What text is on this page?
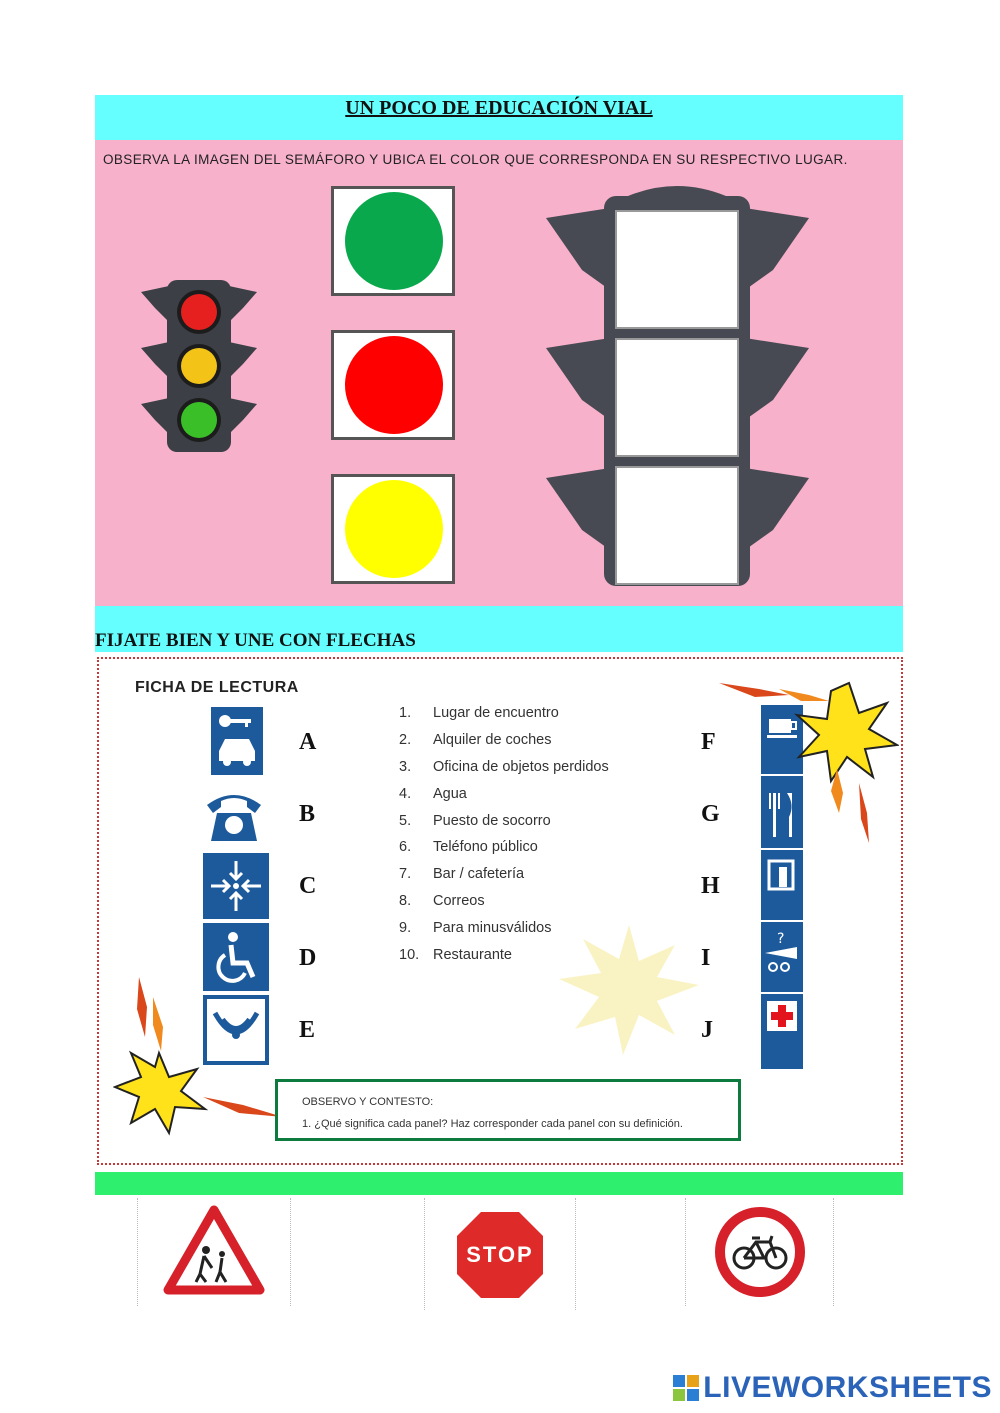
UN POCO DE EDUCACIÓN VIAL
OBSERVA LA IMAGEN DEL SEMÁFORO Y UBICA EL COLOR QUE CORRESPONDA EN SU RESPECTIVO LUGAR.
FIJATE BIEN Y UNE CON FLECHAS
FICHA DE LECTURA
A
B
C
D
E
1. Lugar de encuentro
2. Alquiler de coches
3. Oficina de objetos perdidos
4. Agua
5. Puesto de socorro
6. Teléfono público
7. Bar / cafetería
8. Correos
9. Para minusválidos
10. Restaurante
F
G
H
I
J
?
OBSERVO Y CONTESTO:
1. ¿Qué significa cada panel? Haz corresponder cada panel con su definición.
STOP
LIVEWORKSHEETS
